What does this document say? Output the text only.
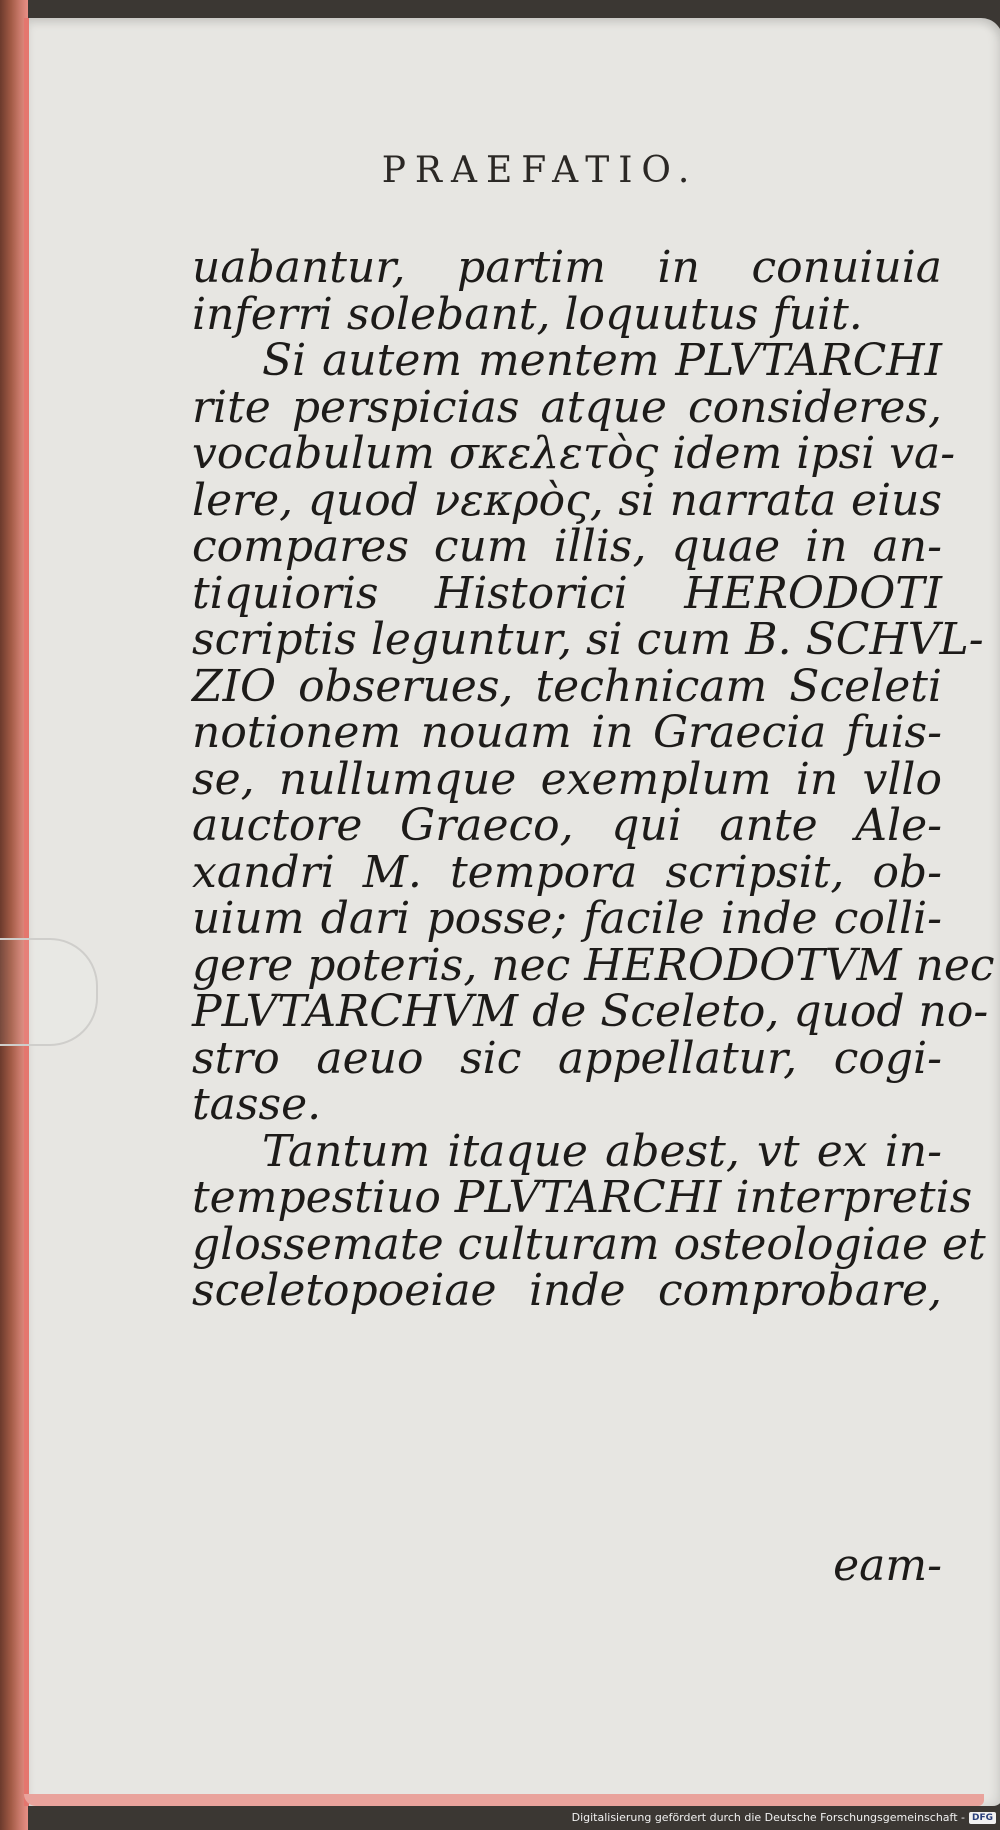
PRAEFATIO.
uabantur, partim in conuiuia
inferri solebant, loquutus fuit.
Si autem mentem PLVTARCHI
rite perspicias atque consideres,
vocabulum σκελετὸς idem ipsi va-
lere, quod νεκρὸς, si narrata eius
compares cum illis, quae in an-
tiquioris Historici HERODOTI
scriptis leguntur, si cum B. SCHVL-
ZIO obserues, technicam Sceleti
notionem nouam in Graecia fuis-
se, nullumque exemplum in vllo
auctore Graeco, qui ante Ale-
xandri M. tempora scripsit, ob-
uium dari posse; facile inde colli-
gere poteris, nec HERODOTVM nec
PLVTARCHVM de Sceleto, quod no-
stro aeuo sic appellatur, cogi-
tasse.
Tantum itaque abest, vt ex in-
tempestiuo PLVTARCHI interpretis
glossemate culturam osteologiae et
sceletopoeiae inde comprobare,
eam-
Digitalisierung gefördert durch die Deutsche Forschungsgemeinschaft - DFG
